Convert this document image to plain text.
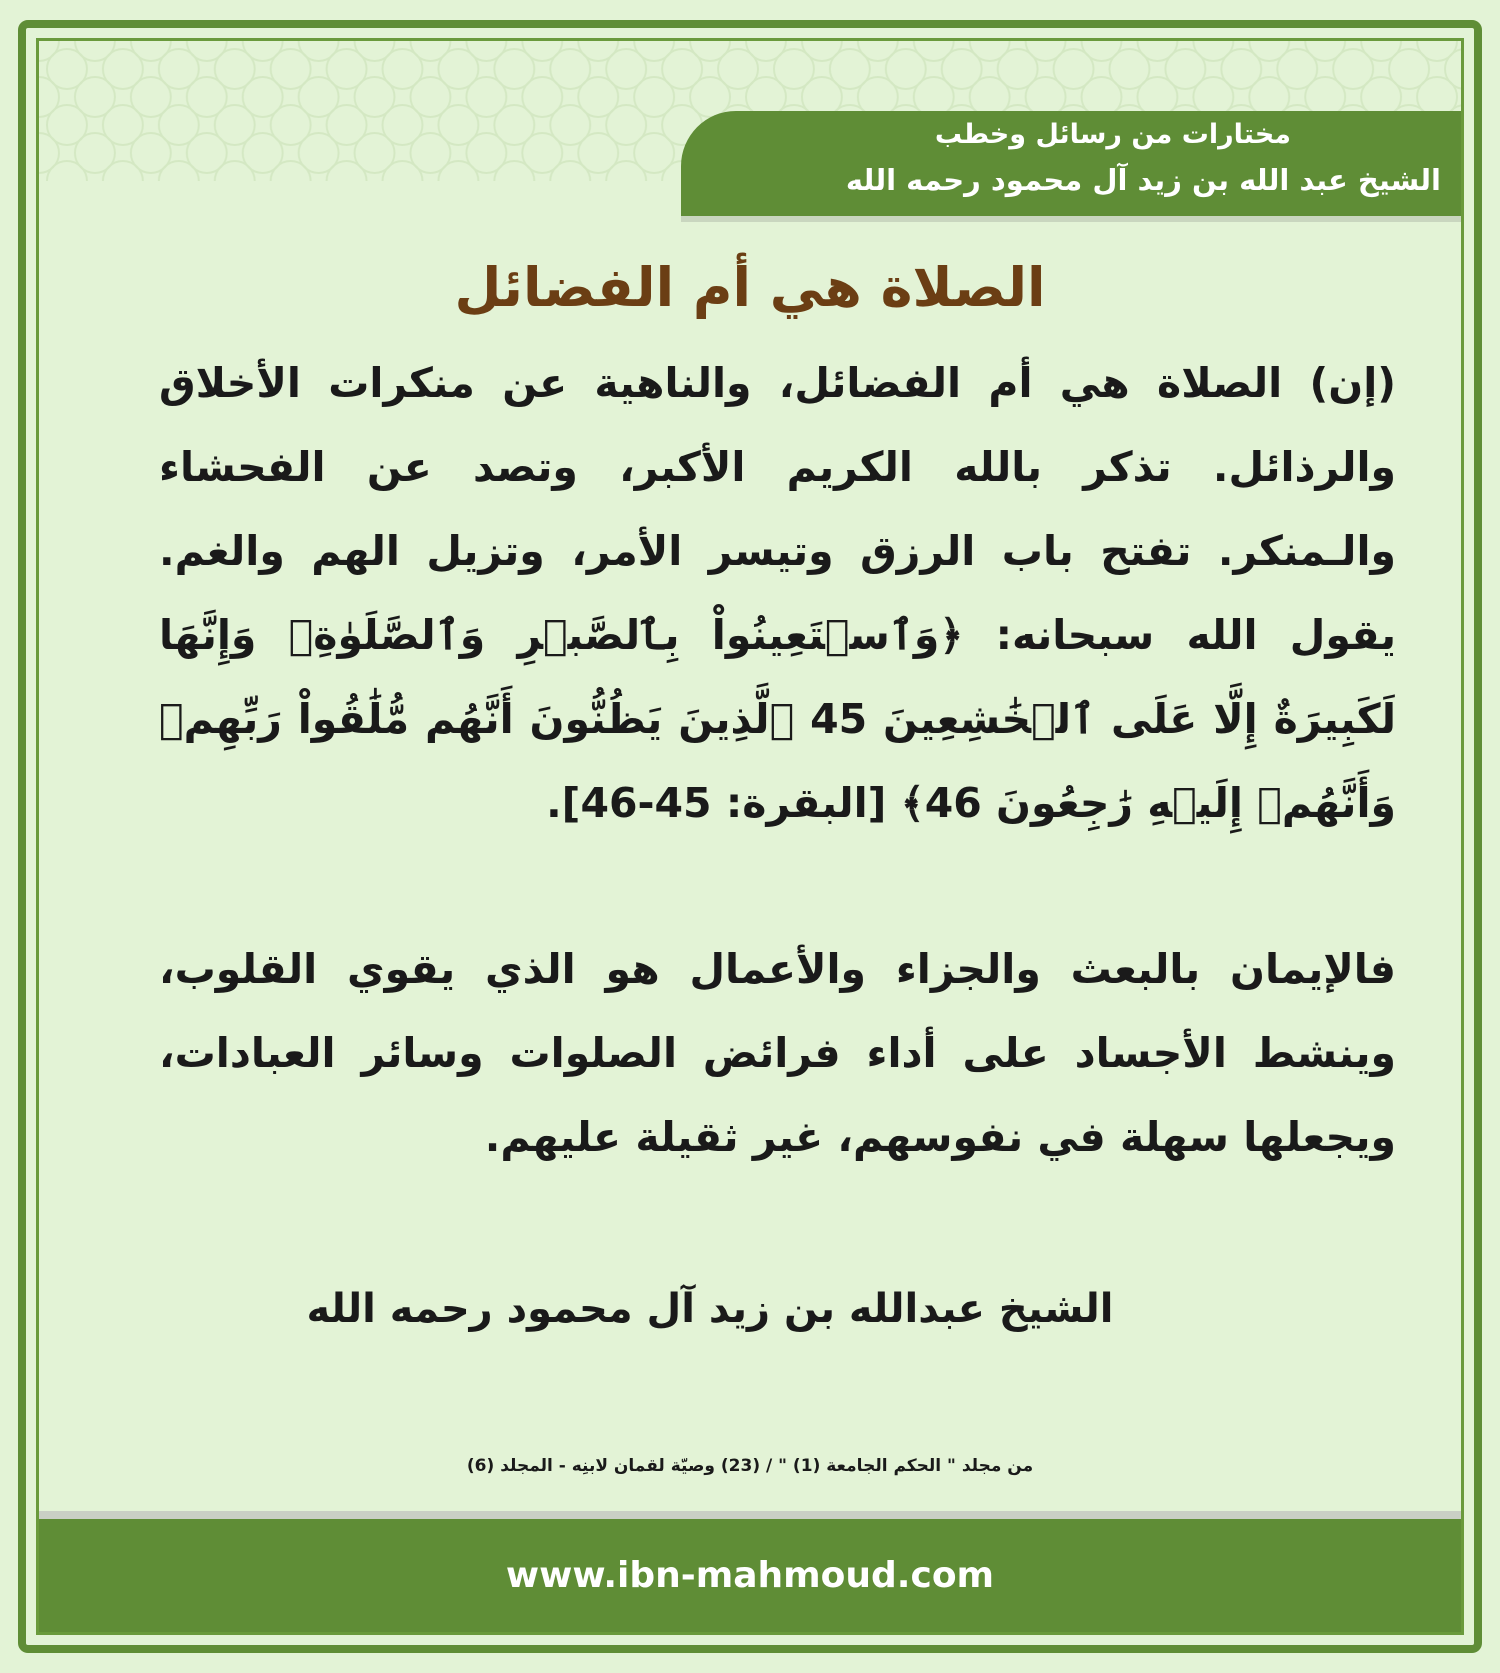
مختارات من رسائل وخطب
الشيخ عبد الله بن زيد آل محمود رحمه الله
الصلاة هي أم الفضائل

(إن) الصلاة هي أم الفضائل، والناهية عن منكرات الأخلاق والرذائل. تذكر بالله الكريم الأكبر، وتصد عن الفحشاء والـمنكر. تفتح باب الرزق وتيسر الأمر، وتزيل الهم والغم. يقول الله سبحانه: ﴿وَٱسۡتَعِينُواْ بِٱلصَّبۡرِ وَٱلصَّلَوٰةِۚ وَإِنَّهَا لَكَبِيرَةٌ إِلَّا عَلَى ٱلۡخَٰشِعِينَ 45 ٱلَّذِينَ يَظُنُّونَ أَنَّهُم مُّلَٰقُواْ رَبِّهِمۡ وَأَنَّهُمۡ إِلَيۡهِ رَٰجِعُونَ 46﴾ [البقرة: 45-46].

فالإيمان بالبعث والجزاء والأعمال هو الذي يقوي القلوب، وينشط الأجساد على أداء فرائض الصلوات وسائر العبادات، ويجعلها سهلة في نفوسهم، غير ثقيلة عليهم.

الشيخ عبدالله بن زيد آل محمود رحمه الله
من مجلد " الحكم الجامعة (1) " / (23) وصيّة لقمان لابنِه - المجلد (6)
www.ibn-mahmoud.com
